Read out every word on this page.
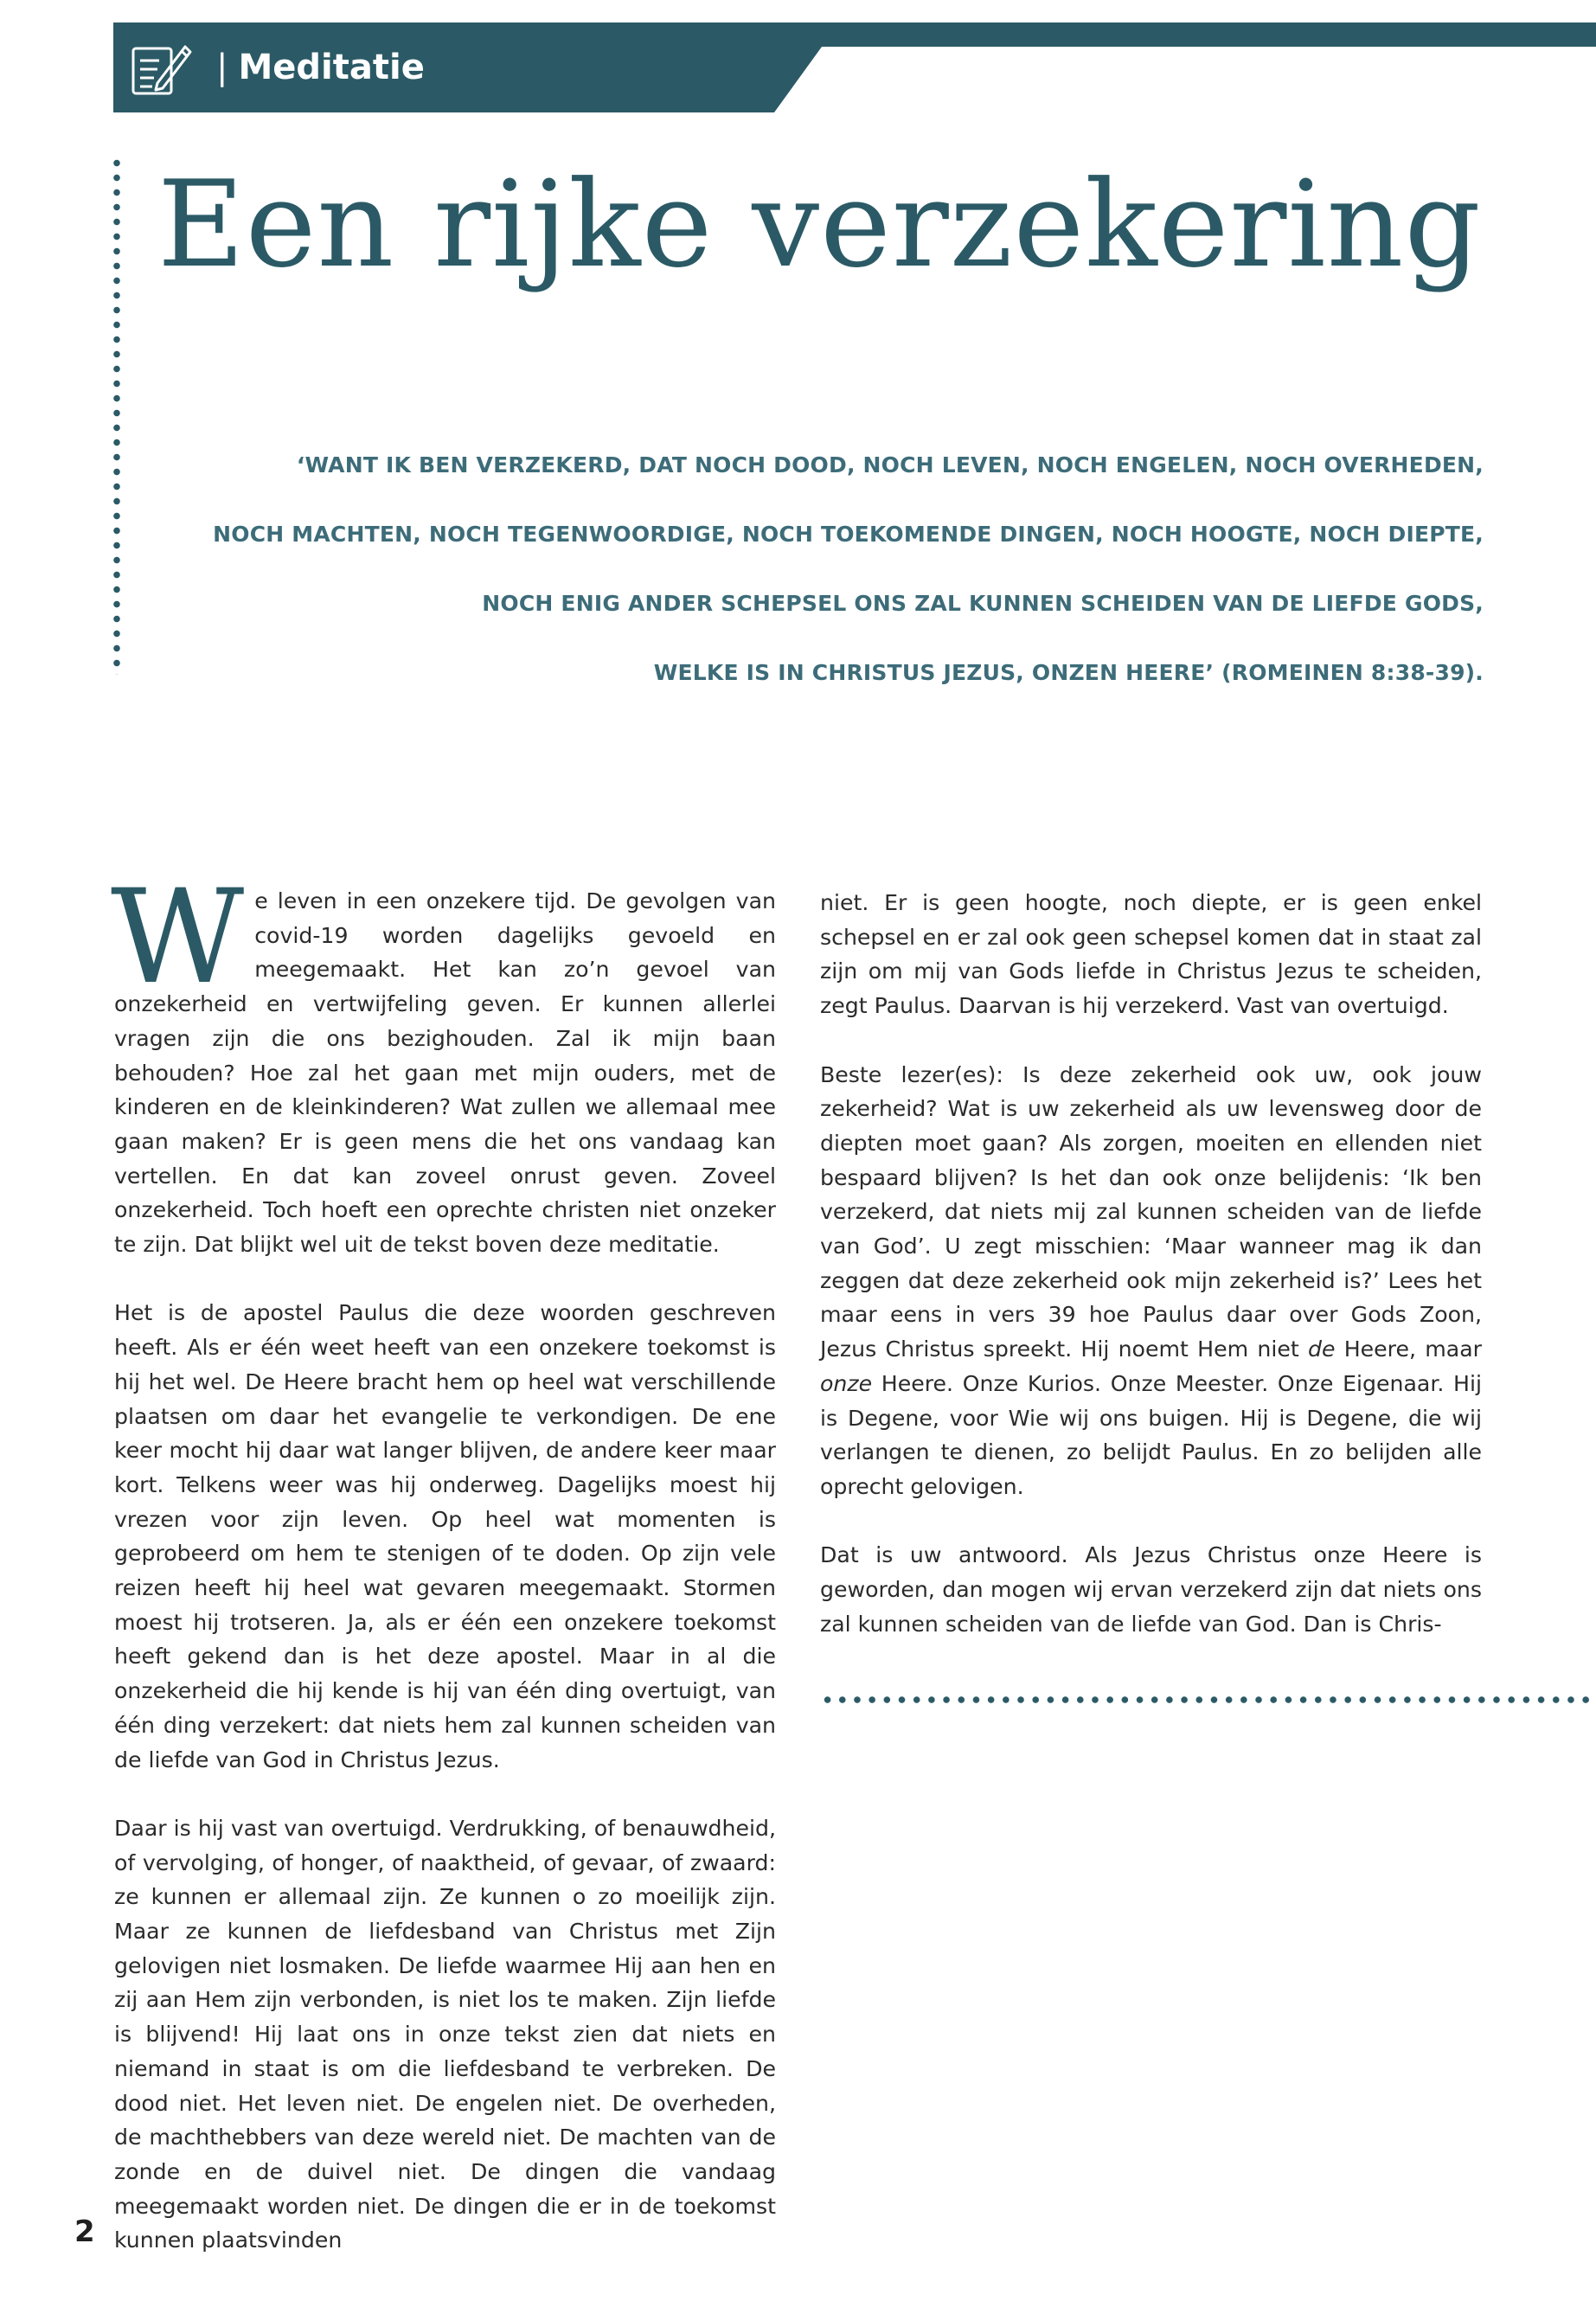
| Meditatie
Een rijke verzekering
‘WANT IK BEN VERZEKERD, DAT NOCH DOOD, NOCH LEVEN, NOCH ENGELEN, NOCH OVERHEDEN,
NOCH MACHTEN, NOCH TEGENWOORDIGE, NOCH TOEKOMENDE DINGEN, NOCH HOOGTE, NOCH DIEPTE,
NOCH ENIG ANDER SCHEPSEL ONS ZAL KUNNEN SCHEIDEN VAN DE LIEFDE GODS,
WELKE IS IN CHRISTUS JEZUS, ONZEN HEERE’ (ROMEINEN 8:38-39).

We leven in een onzekere tijd. De gevolgen van covid-19 worden dagelijks gevoeld en meegemaakt. Het kan zo’n gevoel van onzekerheid en vertwijfeling geven. Er kunnen allerlei vragen zijn die ons bezighouden. Zal ik mijn baan behouden? Hoe zal het gaan met mijn ouders, met de kinderen en de kleinkinderen? Wat zullen we allemaal mee gaan maken? Er is geen mens die het ons vandaag kan vertellen. En dat kan zoveel onrust geven. Zoveel onzekerheid. Toch hoeft een oprechte christen niet onzeker te zijn. Dat blijkt wel uit de tekst boven deze meditatie.

Het is de apostel Paulus die deze woorden geschreven heeft. Als er één weet heeft van een onzekere toekomst is hij het wel. De Heere bracht hem op heel wat verschillende plaatsen om daar het evangelie te verkondigen. De ene keer mocht hij daar wat langer blijven, de andere keer maar kort. Telkens weer was hij onderweg. Dagelijks moest hij vrezen voor zijn leven. Op heel wat momenten is geprobeerd om hem te stenigen of te doden. Op zijn vele reizen heeft hij heel wat gevaren meegemaakt. Stormen moest hij trotseren. Ja, als er één een onzekere toekomst heeft gekend dan is het deze apostel. Maar in al die onzekerheid die hij kende is hij van één ding overtuigt, van één ding verzekert: dat niets hem zal kunnen scheiden van de liefde van God in Christus Jezus.

Daar is hij vast van overtuigd. Verdrukking, of benauwdheid, of vervolging, of honger, of naaktheid, of gevaar, of zwaard: ze kunnen er allemaal zijn. Ze kunnen o zo moeilijk zijn. Maar ze kunnen de liefdesband van Christus met Zijn gelovigen niet losmaken. De liefde waarmee Hij aan hen en zij aan Hem zijn verbonden, is niet los te maken. Zijn liefde is blijvend! Hij laat ons in onze tekst zien dat niets en niemand in staat is om die liefdesband te verbreken. De dood niet. Het leven niet. De engelen niet. De overheden, de machthebbers van deze wereld niet. De machten van de zonde en de duivel niet. De dingen die vandaag meegemaakt worden niet. De dingen die er in de toekomst kunnen plaatsvinden

niet. Er is geen hoogte, noch diepte, er is geen enkel schepsel en er zal ook geen schepsel komen dat in staat zal zijn om mij van Gods liefde in Christus Jezus te scheiden, zegt Paulus. Daarvan is hij verzekerd. Vast van overtuigd.

Beste lezer(es): Is deze zekerheid ook uw, ook jouw zekerheid? Wat is uw zekerheid als uw levensweg door de diepten moet gaan? Als zorgen, moeiten en ellenden niet bespaard blijven? Is het dan ook onze belijdenis: ‘Ik ben verzekerd, dat niets mij zal kunnen scheiden van de liefde van God’. U zegt misschien: ‘Maar wanneer mag ik dan zeggen dat deze zekerheid ook mijn zekerheid is?’ Lees het maar eens in vers 39 hoe Paulus daar over Gods Zoon, Jezus Christus spreekt. Hij noemt Hem niet de Heere, maar onze Heere. Onze Kurios. Onze Meester. Onze Eigenaar. Hij is Degene, voor Wie wij ons buigen. Hij is Degene, die wij verlangen te dienen, zo belijdt Paulus. En zo belijden alle oprecht gelovigen.

Dat is uw antwoord. Als Jezus Christus onze Heere is geworden, dan mogen wij ervan verzekerd zijn dat niets ons zal kunnen scheiden van de liefde van God. Dan is Chris-

2
